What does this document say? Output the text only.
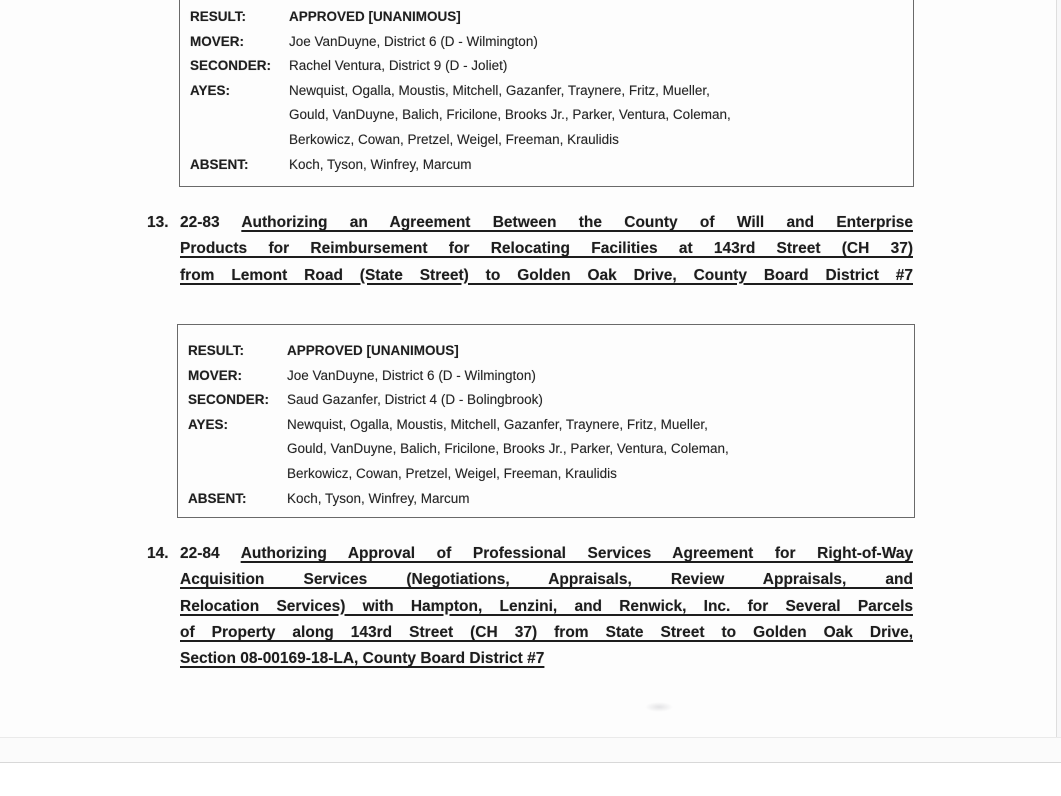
RESULT:	APPROVED [UNANIMOUS]
MOVER:	Joe VanDuyne, District 6 (D - Wilmington)
SECONDER:	Rachel Ventura, District 9 (D - Joliet)
AYES:	Newquist, Ogalla, Moustis, Mitchell, Gazanfer, Traynere, Fritz, Mueller,
Gould, VanDuyne, Balich, Fricilone, Brooks Jr., Parker, Ventura, Coleman,
Berkowicz, Cowan, Pretzel, Weigel, Freeman, Kraulidis
ABSENT:	Koch, Tyson, Winfrey, Marcum
13. 22-83 Authorizing an Agreement Between the County of Will and Enterprise
Products for Reimbursement for Relocating Facilities at 143rd Street (CH 37)
from Lemont Road (State Street) to Golden Oak Drive, County Board District #7
RESULT:	APPROVED [UNANIMOUS]
MOVER:	Joe VanDuyne, District 6 (D - Wilmington)
SECONDER:	Saud Gazanfer, District 4 (D - Bolingbrook)
AYES:	Newquist, Ogalla, Moustis, Mitchell, Gazanfer, Traynere, Fritz, Mueller,
Gould, VanDuyne, Balich, Fricilone, Brooks Jr., Parker, Ventura, Coleman,
Berkowicz, Cowan, Pretzel, Weigel, Freeman, Kraulidis
ABSENT:	Koch, Tyson, Winfrey, Marcum
14. 22-84 Authorizing Approval of Professional Services Agreement for Right-of-Way
Acquisition Services (Negotiations, Appraisals, Review Appraisals, and
Relocation Services) with Hampton, Lenzini, and Renwick, Inc. for Several Parcels
of Property along 143rd Street (CH 37) from State Street to Golden Oak Drive,
Section 08-00169-18-LA, County Board District #7
